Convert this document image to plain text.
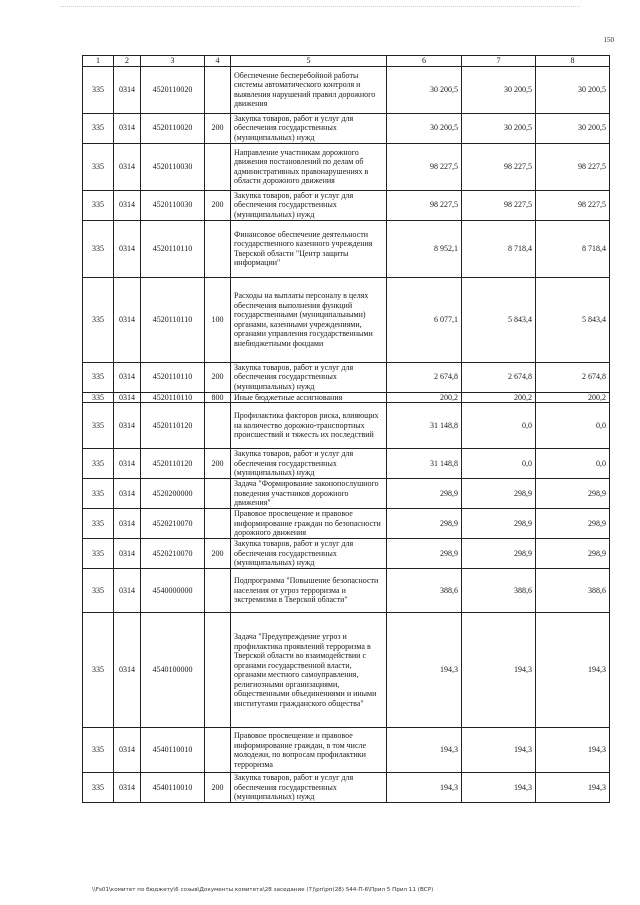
150
1	2	3	4	5	6	7	8
335	0314	4520110020		Обеспечение бесперебойной работы системы автоматического контроля и выявления нарушений правил дорожного движения	30 200,5	30 200,5	30 200,5
335	0314	4520110020	200	Закупка товаров, работ и услуг для обеспечения государственных (муниципальных) нужд	30 200,5	30 200,5	30 200,5
335	0314	4520110030		Направление участникам дорожного движения постановлений по делам об административных правонарушениях в области дорожного движения	98 227,5	98 227,5	98 227,5
335	0314	4520110030	200	Закупка товаров, работ и услуг для обеспечения государственных (муниципальных) нужд	98 227,5	98 227,5	98 227,5
335	0314	4520110110		Финансовое обеспечение деятельности государственного казенного учреждения Тверской области "Центр защиты информации"	8 952,1	8 718,4	8 718,4
335	0314	4520110110	100	Расходы на выплаты персоналу в целях обеспечения выполнения функций государственными (муниципальными) органами, казенными учреждениями, органами управления государственными внебюджетными фондами	6 077,1	5 843,4	5 843,4
335	0314	4520110110	200	Закупка товаров, работ и услуг для обеспечения государственных (муниципальных) нужд	2 674,8	2 674,8	2 674,8
335	0314	4520110110	800	Иные бюджетные ассигнования	200,2	200,2	200,2
335	0314	4520110120		Профилактика факторов риска, влияющих на количество дорожно-транспортных происшествий и тяжесть их последствий	31 148,8	0,0	0,0
335	0314	4520110120	200	Закупка товаров, работ и услуг для обеспечения государственных (муниципальных) нужд	31 148,8	0,0	0,0
335	0314	4520200000		Задача "Формирование законопослушного поведения участников дорожного движения"	298,9	298,9	298,9
335	0314	4520210070		Правовое просвещение и правовое информирование граждан по безопасности дорожного движения	298,9	298,9	298,9
335	0314	4520210070	200	Закупка товаров, работ и услуг для обеспечения государственных (муниципальных) нужд	298,9	298,9	298,9
335	0314	4540000000		Подпрограмма "Повышение безопасности населения от угроз терроризма и экстремизма в Тверской области"	388,6	388,6	388,6
335	0314	4540100000		Задача "Предупреждение угроз и профилактика проявлений терроризма в Тверской области во взаимодействии с органами государственной власти, органами местного самоуправления, религиозными организациями, общественными объединениями и иными институтами гражданского общества"	194,3	194,3	194,3
335	0314	4540110010		Правовое просвещение и правовое информирование граждан, в том числе молодежи, по вопросам профилактики терроризма	194,3	194,3	194,3
335	0314	4540110010	200	Закупка товаров, работ и услуг для обеспечения государственных (муниципальных) нужд	194,3	194,3	194,3
\\Fs01\комитет по бюджету\6 созыв\Документы комитета\28 заседание (7)\рп\рп(28) 544-П-6\Прил 5 Прил 11 (ВСР)
